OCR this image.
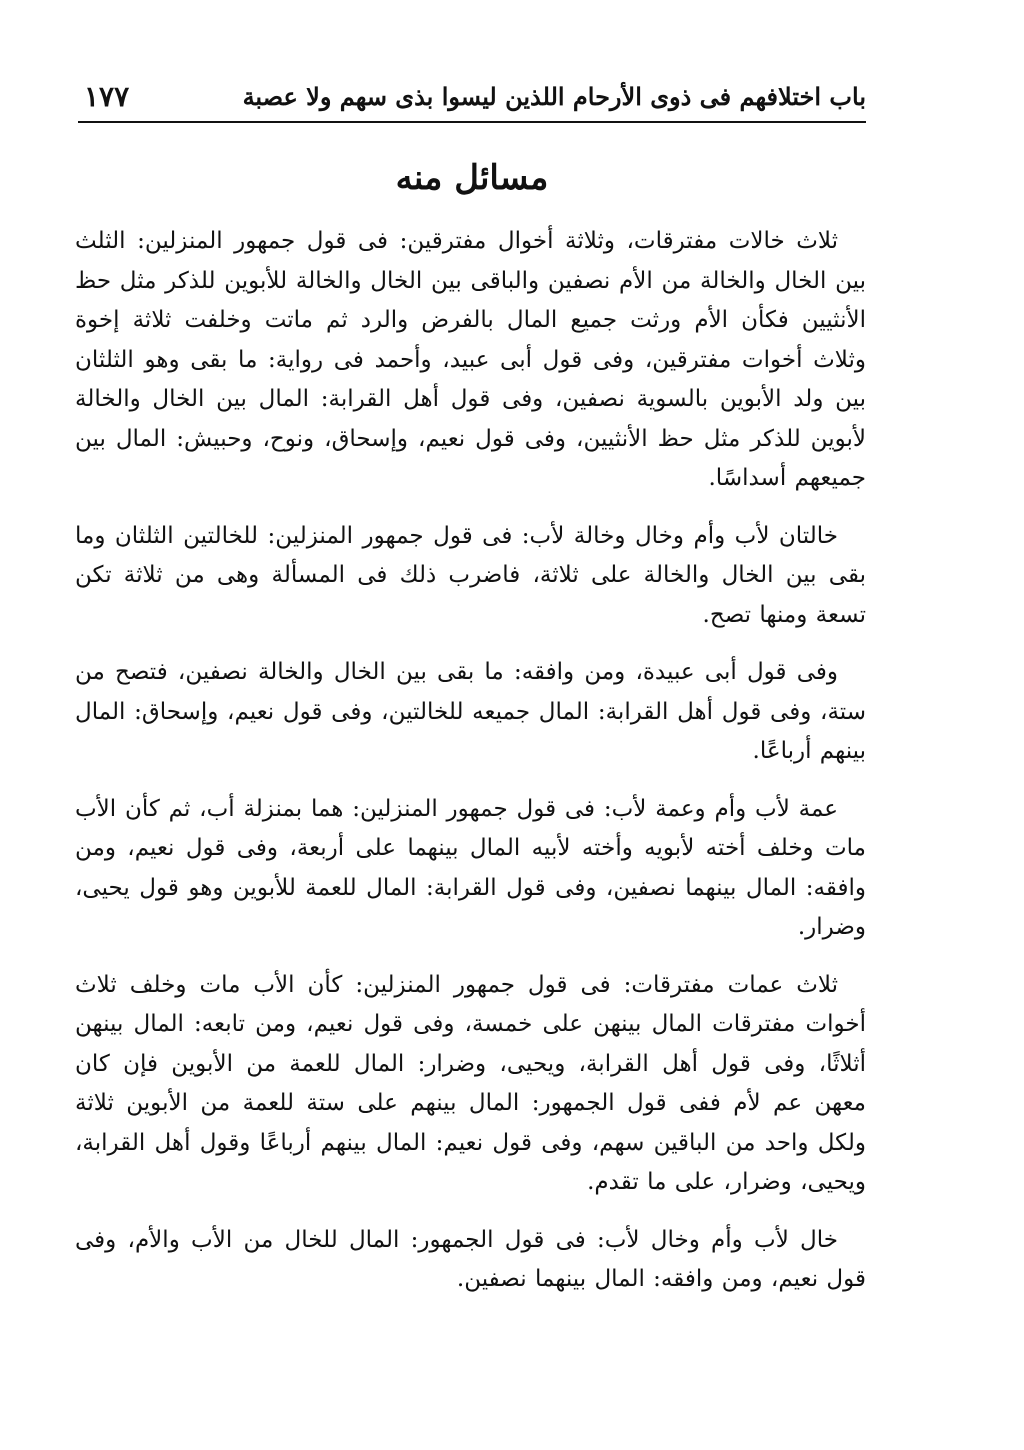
باب اختلافهم فى ذوى الأرحام اللذين ليسوا بذى سهم ولا عصبة
١٧٧
مسائل منه

ثلاث خالات مفترقات، وثلاثة أخوال مفترقين: فى قول جمهور المنزلين: الثلث بين الخال والخالة من الأم نصفين والباقى بين الخال والخالة للأبوين للذكر مثل حظ الأنثيين فكأن الأم ورثت جميع المال بالفرض والرد ثم ماتت وخلفت ثلاثة إخوة وثلاث أخوات مفترقين، وفى قول أبى عبيد، وأحمد فى رواية: ما بقى وهو الثلثان بين ولد الأبوين بالسوية نصفين، وفى قول أهل القرابة: المال بين الخال والخالة لأبوين للذكر مثل حظ الأنثيين، وفى قول نعيم، وإسحاق، ونوح، وحبيش: المال بين جميعهم أسداسًا.

خالتان لأب وأم وخال وخالة لأب: فى قول جمهور المنزلين: للخالتين الثلثان وما بقى بين الخال والخالة على ثلاثة، فاضرب ذلك فى المسألة وهى من ثلاثة تكن تسعة ومنها تصح.

وفى قول أبى عبيدة، ومن وافقه: ما بقى بين الخال والخالة نصفين، فتصح من ستة، وفى قول أهل القرابة: المال جميعه للخالتين، وفى قول نعيم، وإسحاق: المال بينهم أرباعًا.

عمة لأب وأم وعمة لأب: فى قول جمهور المنزلين: هما بمنزلة أب، ثم كأن الأب مات وخلف أخته لأبويه وأخته لأبيه المال بينهما على أربعة، وفى قول نعيم، ومن وافقه: المال بينهما نصفين، وفى قول القرابة: المال للعمة للأبوين وهو قول يحيى، وضرار.

ثلاث عمات مفترقات: فى قول جمهور المنزلين: كأن الأب مات وخلف ثلاث أخوات مفترقات المال بينهن على خمسة، وفى قول نعيم، ومن تابعه: المال بينهن أثلاثًا، وفى قول أهل القرابة، ويحيى، وضرار: المال للعمة من الأبوين فإن كان معهن عم لأم ففى قول الجمهور: المال بينهم على ستة للعمة من الأبوين ثلاثة ولكل واحد من الباقين سهم، وفى قول نعيم: المال بينهم أرباعًا وقول أهل القرابة، ويحيى، وضرار، على ما تقدم.

خال لأب وأم وخال لأب: فى قول الجمهور: المال للخال من الأب والأم، وفى قول نعيم، ومن وافقه: المال بينهما نصفين.
